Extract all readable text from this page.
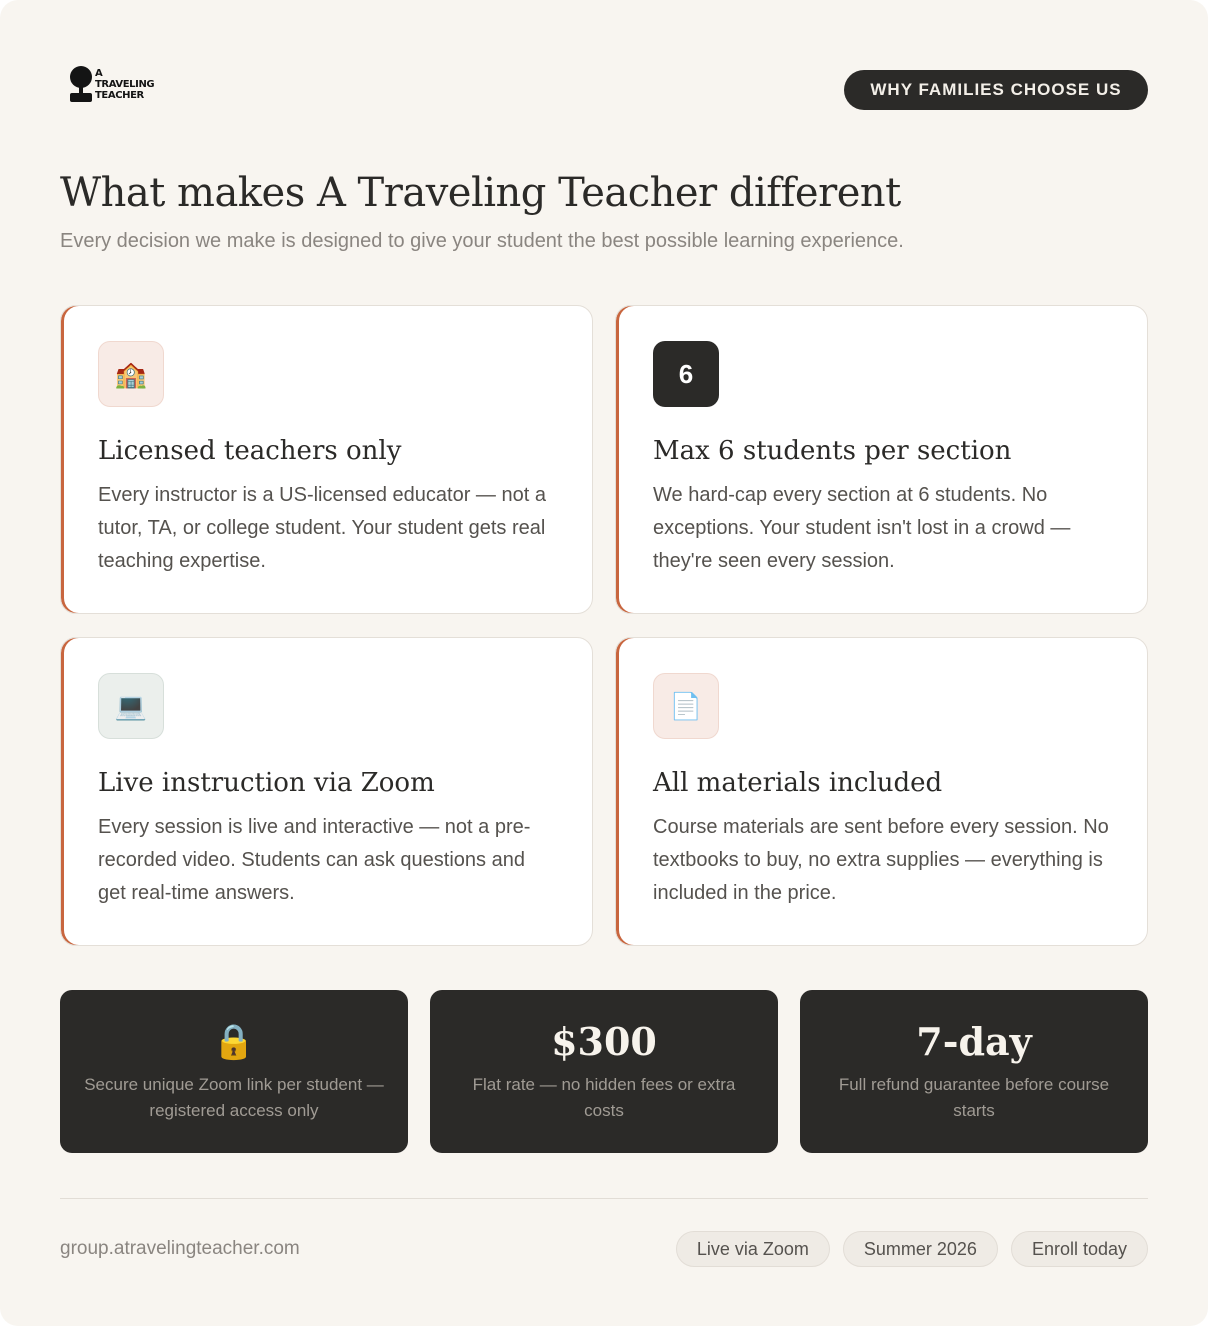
A
TRAVELING
TEACHER	WHY FAMILIES CHOOSE US
What makes A Traveling Teacher different
Every decision we make is designed to give your student the best possible learning experience.
🏫
Licensed teachers only

Every instructor is a US-licensed educator — not a tutor, TA, or college student. Your student gets real teaching expertise.

6
Max 6 students per section

We hard-cap every section at 6 students. No exceptions. Your student isn't lost in a crowd — they're seen every session.

💻
Live instruction via Zoom

Every session is live and interactive — not a pre-recorded video. Students can ask questions and get real-time answers.

📄
All materials included

Course materials are sent before every session. No textbooks to buy, no extra supplies — everything is included in the price.

🔒
Secure unique Zoom link per student — registered access only
$300
Flat rate — no hidden fees or extra costs
7-day
Full refund guarantee before course starts
group.atravelingteacher.com	Live via Zoom	Summer 2026	Enroll today
